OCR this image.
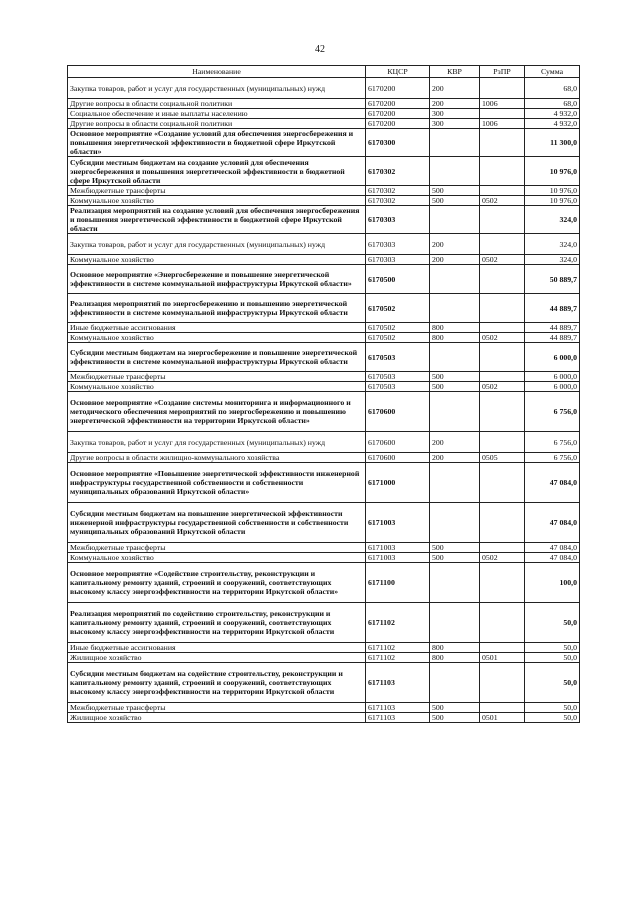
42
Наименование	КЦСР	КВР	РзПР	Сумма
Закупка товаров, работ и услуг для государственных (муниципальных) нужд	6170200	200		68,0
Другие вопросы в области социальной политики	6170200	200	1006	68,0
Социальное обеспечение и иные выплаты населению	6170200	300		4 932,0
Другие вопросы в области социальной политики	6170200	300	1006	4 932,0
Основное мероприятие «Создание условий для обеспечения энергосбережения и повышения энергетической эффективности в бюджетной сфере Иркутской области»	6170300			11 300,0
Субсидии местным бюджетам на создание условий для обеспечения энергосбережения и повышения энергетической эффективности в бюджетной сфере Иркутской области	6170302			10 976,0
Межбюджетные трансферты	6170302	500		10 976,0
Коммунальное хозяйство	6170302	500	0502	10 976,0
Реализация мероприятий на создание условий для обеспечения энергосбережения и повышения энергетической эффективности в бюджетной сфере Иркутской области	6170303			324,0
Закупка товаров, работ и услуг для государственных (муниципальных) нужд	6170303	200		324,0
Коммунальное хозяйство	6170303	200	0502	324,0
Основное мероприятие «Энергосбережение и повышение энергетической эффективности в системе коммунальной инфраструктуры Иркутской области»	6170500			50 889,7
Реализация мероприятий по энергосбережению и повышению энергетической эффективности в системе коммунальной инфраструктуры Иркутской области	6170502			44 889,7
Иные бюджетные ассигнования	6170502	800		44 889,7
Коммунальное хозяйство	6170502	800	0502	44 889,7
Субсидии местным бюджетам на энергосбережение и повышение энергетической эффективности в системе коммунальной инфраструктуры Иркутской области	6170503			6 000,0
Межбюджетные трансферты	6170503	500		6 000,0
Коммунальное хозяйство	6170503	500	0502	6 000,0
Основное мероприятие «Создание системы мониторинга и информационного и методического обеспечения мероприятий по энергосбережению и повышению энергетической эффективности на территории Иркутской области»	6170600			6 756,0
Закупка товаров, работ и услуг для государственных (муниципальных) нужд	6170600	200		6 756,0
Другие вопросы в области жилищно-коммунального хозяйства	6170600	200	0505	6 756,0
Основное мероприятие «Повышение энергетической эффективности инженерной инфраструктуры государственной собственности и собственности муниципальных образований Иркутской области»	6171000			47 084,0
Субсидии местным бюджетам на повышение энергетической эффективности инженерной инфраструктуры государственной собственности и собственности муниципальных образований Иркутской области	6171003			47 084,0
Межбюджетные трансферты	6171003	500		47 084,0
Коммунальное хозяйство	6171003	500	0502	47 084,0
Основное мероприятие «Содействие строительству, реконструкции и капитальному ремонту зданий, строений и сооружений, соответствующих высокому классу энергоэффективности на территории Иркутской области»	6171100			100,0
Реализация мероприятий по содействию строительству, реконструкции и капитальному ремонту зданий, строений и сооружений, соответствующих высокому классу энергоэффективности на территории Иркутской области	6171102			50,0
Иные бюджетные ассигнования	6171102	800		50,0
Жилищное хозяйство	6171102	800	0501	50,0
Субсидии местным бюджетам на содействие строительству, реконструкции и капитальному ремонту зданий, строений и сооружений, соответствующих высокому классу энергоэффективности на территории Иркутской области	6171103			50,0
Межбюджетные трансферты	6171103	500		50,0
Жилищное хозяйство	6171103	500	0501	50,0
